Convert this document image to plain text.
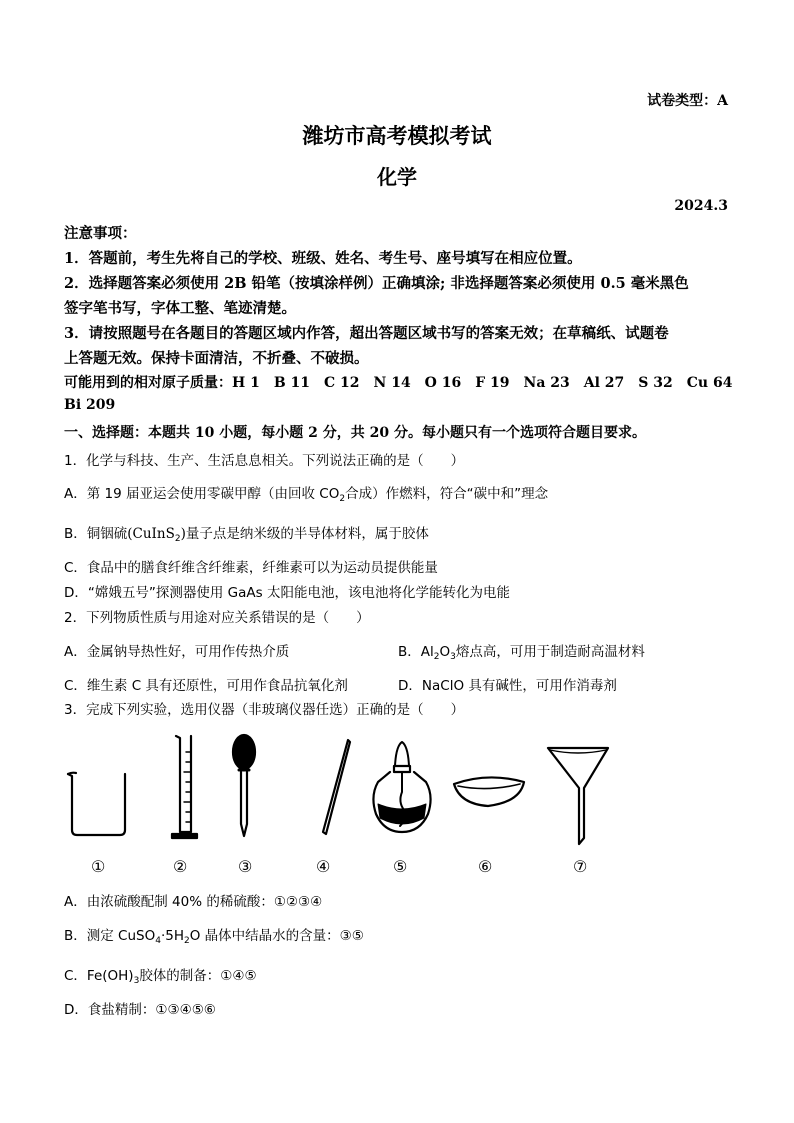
试卷类型：A
潍坊市高考模拟考试
化学
2024.3
注意事项：
1．答题前，考生先将自己的学校、班级、姓名、考生号、座号填写在相应位置。
2．选择题答案必须使用 2B 铅笔（按填涂样例）正确填涂; 非选择题答案必须使用 0.5 毫米黑色
签字笔书写，字体工整、笔迹清楚。
3．请按照题号在各题目的答题区域内作答，超出答题区域书写的答案无效；在草稿纸、试题卷
上答题无效。保持卡面清洁，不折叠、不破损。
可能用到的相对原子质量：H 1　B 11　C 12　N 14　O 16　F 19　Na 23　Al 27　S 32　Cu 64
Bi 209
一、选择题：本题共 10 小题，每小题 2 分，共 20 分。每小题只有一个选项符合题目要求。
1．化学与科技、生产、生活息息相关。下列说法正确的是（　　）
A．第 19 届亚运会使用零碳甲醇（由回收 $CO_2$合成）作燃料，符合“碳中和”理念
B．铜铟硫(CuInS$_2$)量子点是纳米级的半导体材料，属于胶体
C．食品中的膳食纤维含纤维素，纤维素可以为运动员提供能量
D．“嫦娥五号”探测器使用 GaAs 太阳能电池，该电池将化学能转化为电能
2．下列物质性质与用途对应关系错误的是（　　）
A．金属钠导热性好，可用作传热介质	B．$Al_2O_3$熔点高，可用于制造耐高温材料
C．维生素 C 具有还原性，可用作食品抗氧化剂	D．NaClO 具有碱性，可用作消毒剂
3．完成下列实验，选用仪器（非玻璃仪器任选）正确的是（　　）
①	②	③	④	⑤	⑥	⑦
A．由浓硫酸配制 40% 的稀硫酸：①②③④
B．测定 $CuSO_4\cdot 5H_2O$ 晶体中结晶水的含量：③⑤
C．$Fe(OH)_3$胶体的制备：①④⑤
D．食盐精制：①③④⑤⑥
